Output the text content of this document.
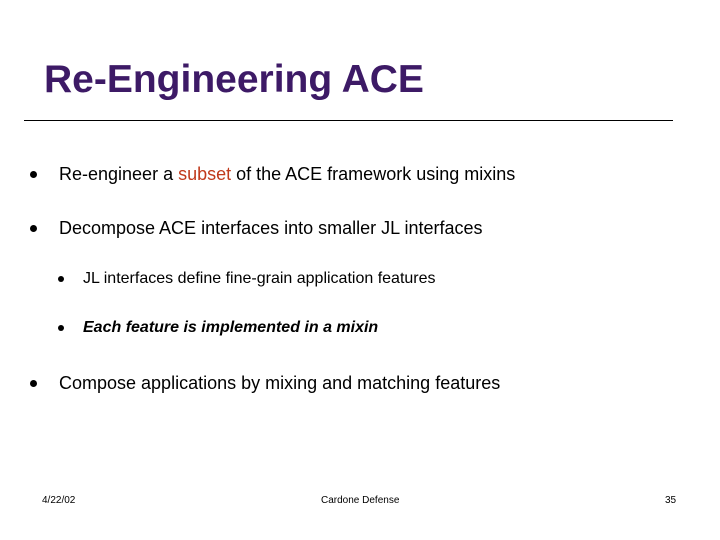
Re-Engineering ACE
Re-engineer a subset of the ACE framework using mixins
Decompose ACE interfaces into smaller JL interfaces
JL interfaces define fine-grain application features
Each feature is implemented in a mixin
Compose applications by mixing and matching features
4/22/02	Cardone Defense	35
